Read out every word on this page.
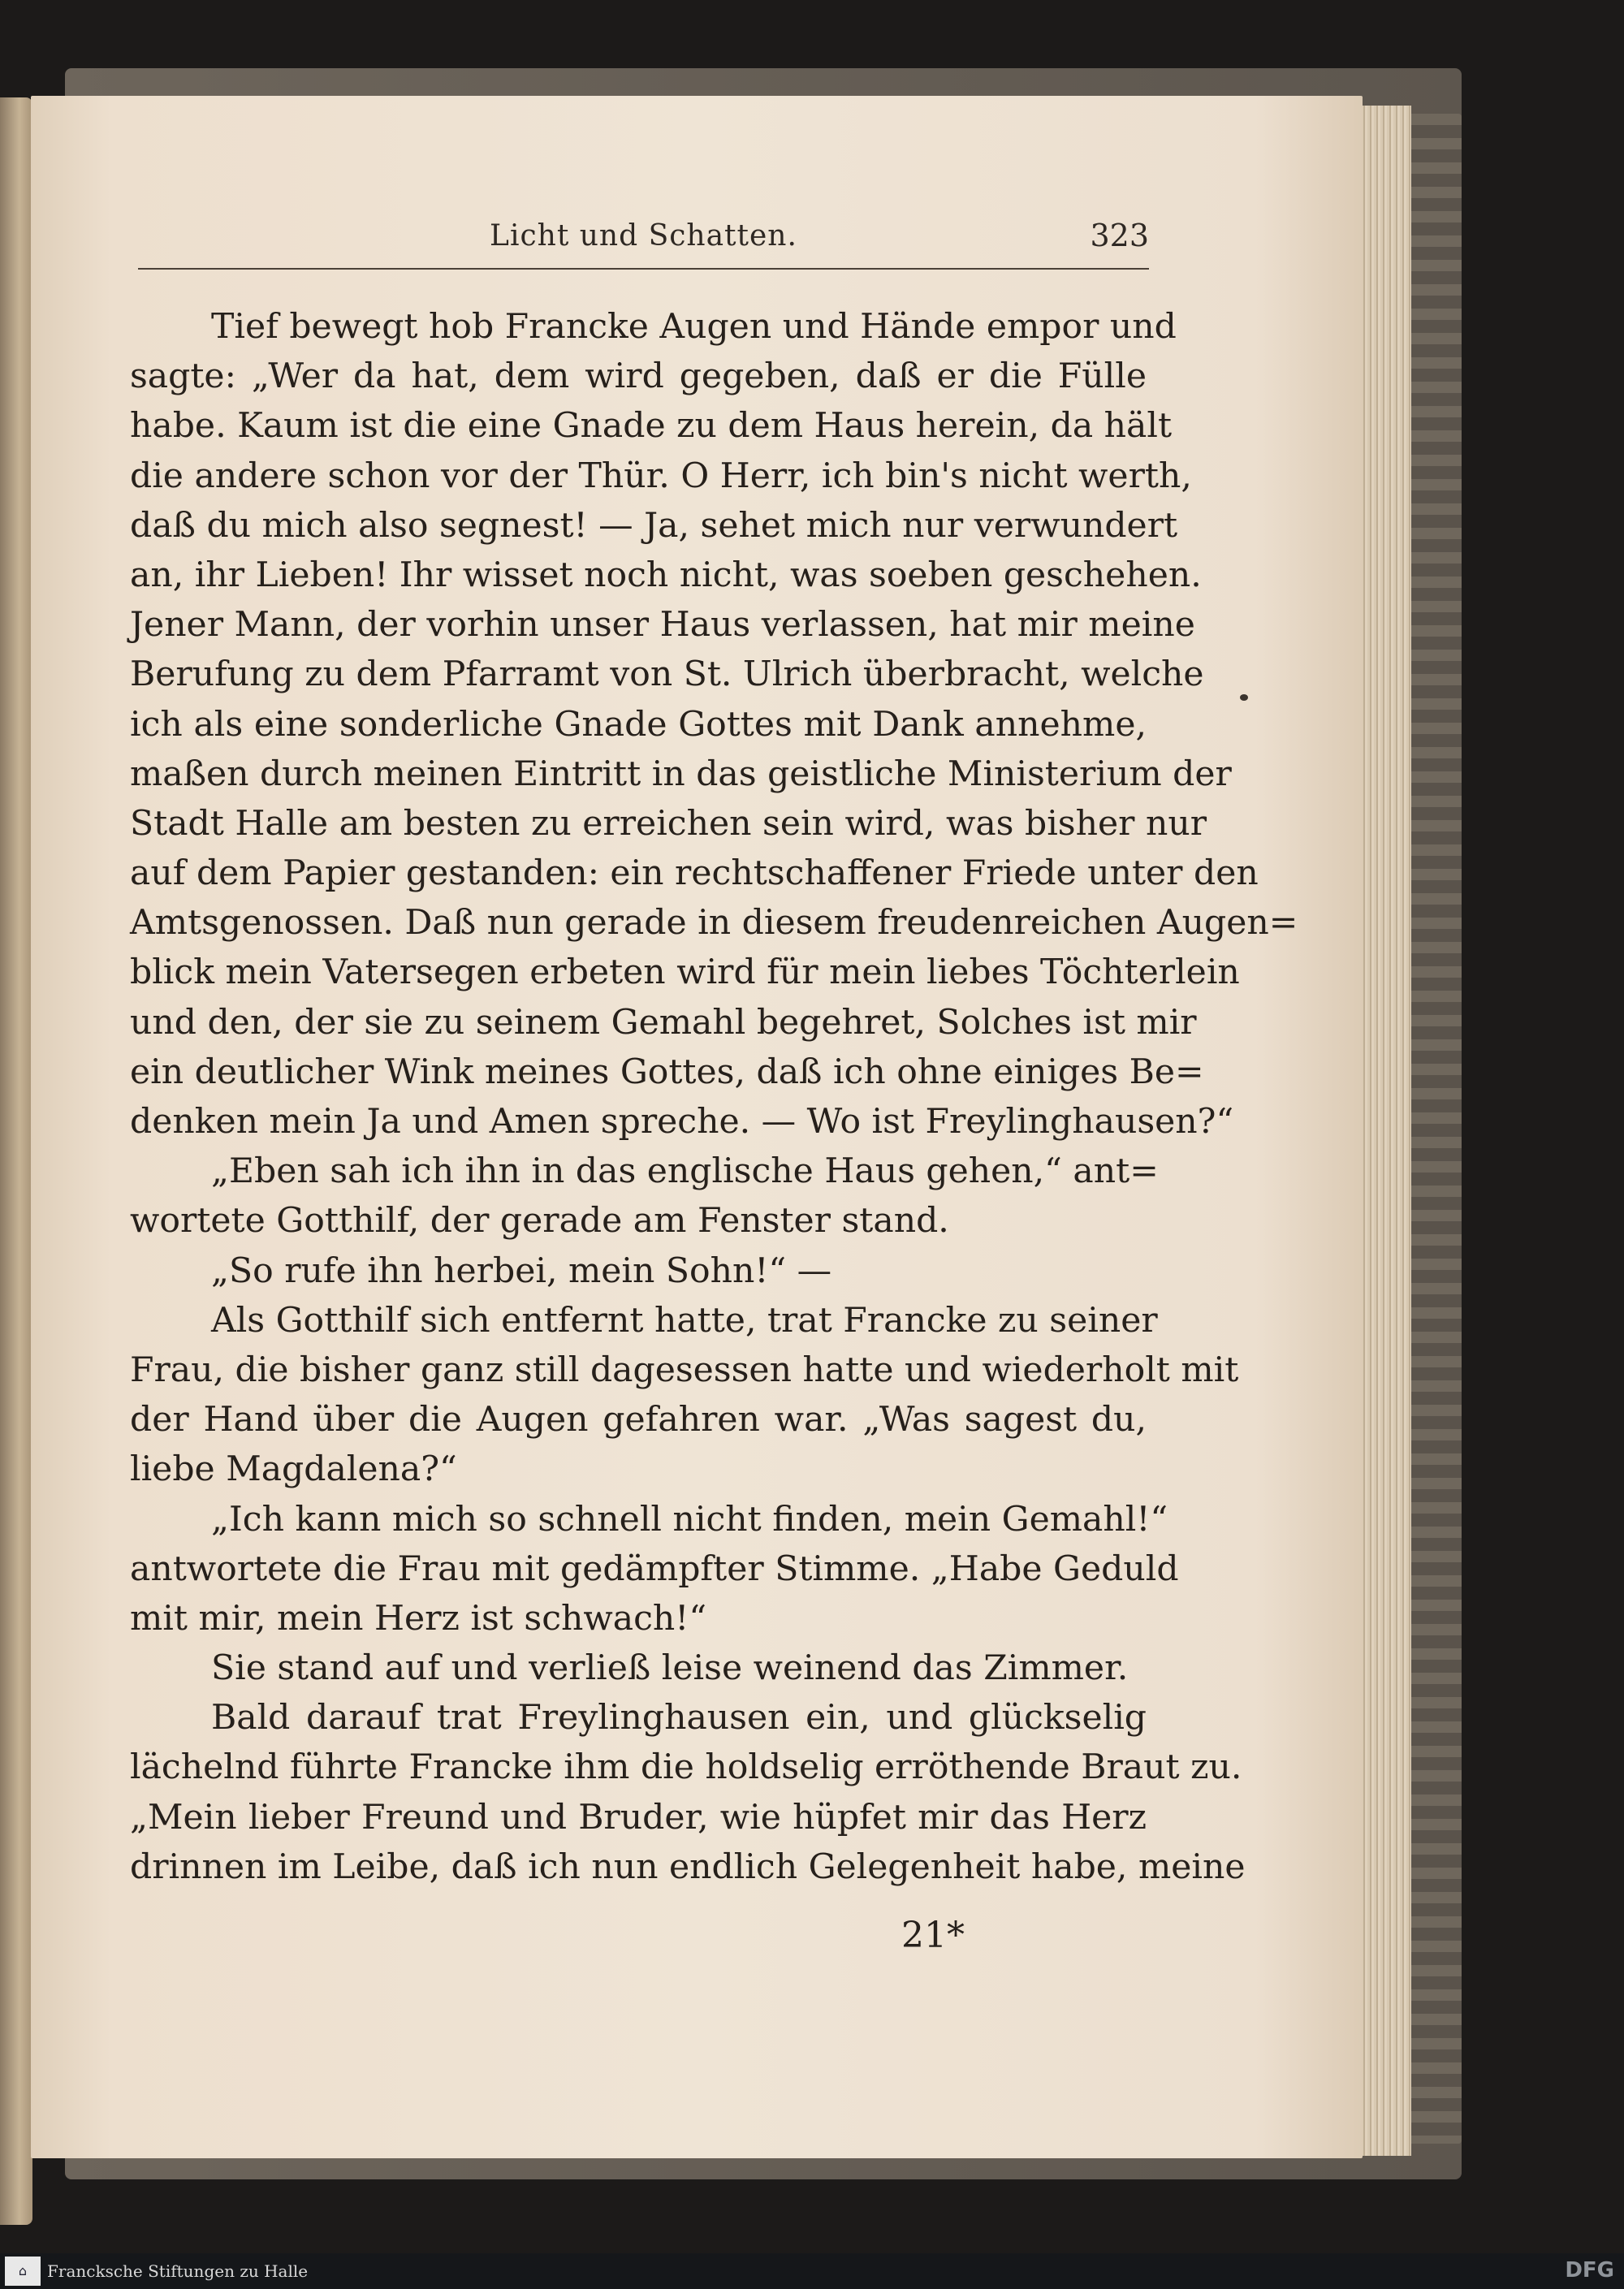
Licht und Schatten.	323
Tief bewegt hob Francke Augen und Hände empor und
sagte: „Wer da hat, dem wird gegeben, daß er die Fülle
habe. Kaum ist die eine Gnade zu dem Haus herein, da hält
die andere schon vor der Thür. O Herr, ich bin's nicht werth,
daß du mich also segnest! — Ja, sehet mich nur verwundert
an, ihr Lieben! Ihr wisset noch nicht, was soeben geschehen.
Jener Mann, der vorhin unser Haus verlassen, hat mir meine
Berufung zu dem Pfarramt von St. Ulrich überbracht, welche
ich als eine sonderliche Gnade Gottes mit Dank annehme,
maßen durch meinen Eintritt in das geistliche Ministerium der
Stadt Halle am besten zu erreichen sein wird, was bisher nur
auf dem Papier gestanden: ein rechtschaffener Friede unter den
Amtsgenossen. Daß nun gerade in diesem freudenreichen Augen=
blick mein Vatersegen erbeten wird für mein liebes Töchterlein
und den, der sie zu seinem Gemahl begehret, Solches ist mir
ein deutlicher Wink meines Gottes, daß ich ohne einiges Be=
denken mein Ja und Amen spreche. — Wo ist Freylinghausen?“
„Eben sah ich ihn in das englische Haus gehen,“ ant=
wortete Gotthilf, der gerade am Fenster stand.
„So rufe ihn herbei, mein Sohn!“ —
Als Gotthilf sich entfernt hatte, trat Francke zu seiner
Frau, die bisher ganz still dagesessen hatte und wiederholt mit
der Hand über die Augen gefahren war. „Was sagest du,
liebe Magdalena?“
„Ich kann mich so schnell nicht finden, mein Gemahl!“
antwortete die Frau mit gedämpfter Stimme. „Habe Geduld
mit mir, mein Herz ist schwach!“
Sie stand auf und verließ leise weinend das Zimmer.
Bald darauf trat Freylinghausen ein, und glückselig
lächelnd führte Francke ihm die holdselig erröthende Braut zu.
„Mein lieber Freund und Bruder, wie hüpfet mir das Herz
drinnen im Leibe, daß ich nun endlich Gelegenheit habe, meine
21*
⌂	Francksche Stiftungen zu Halle	DFG
